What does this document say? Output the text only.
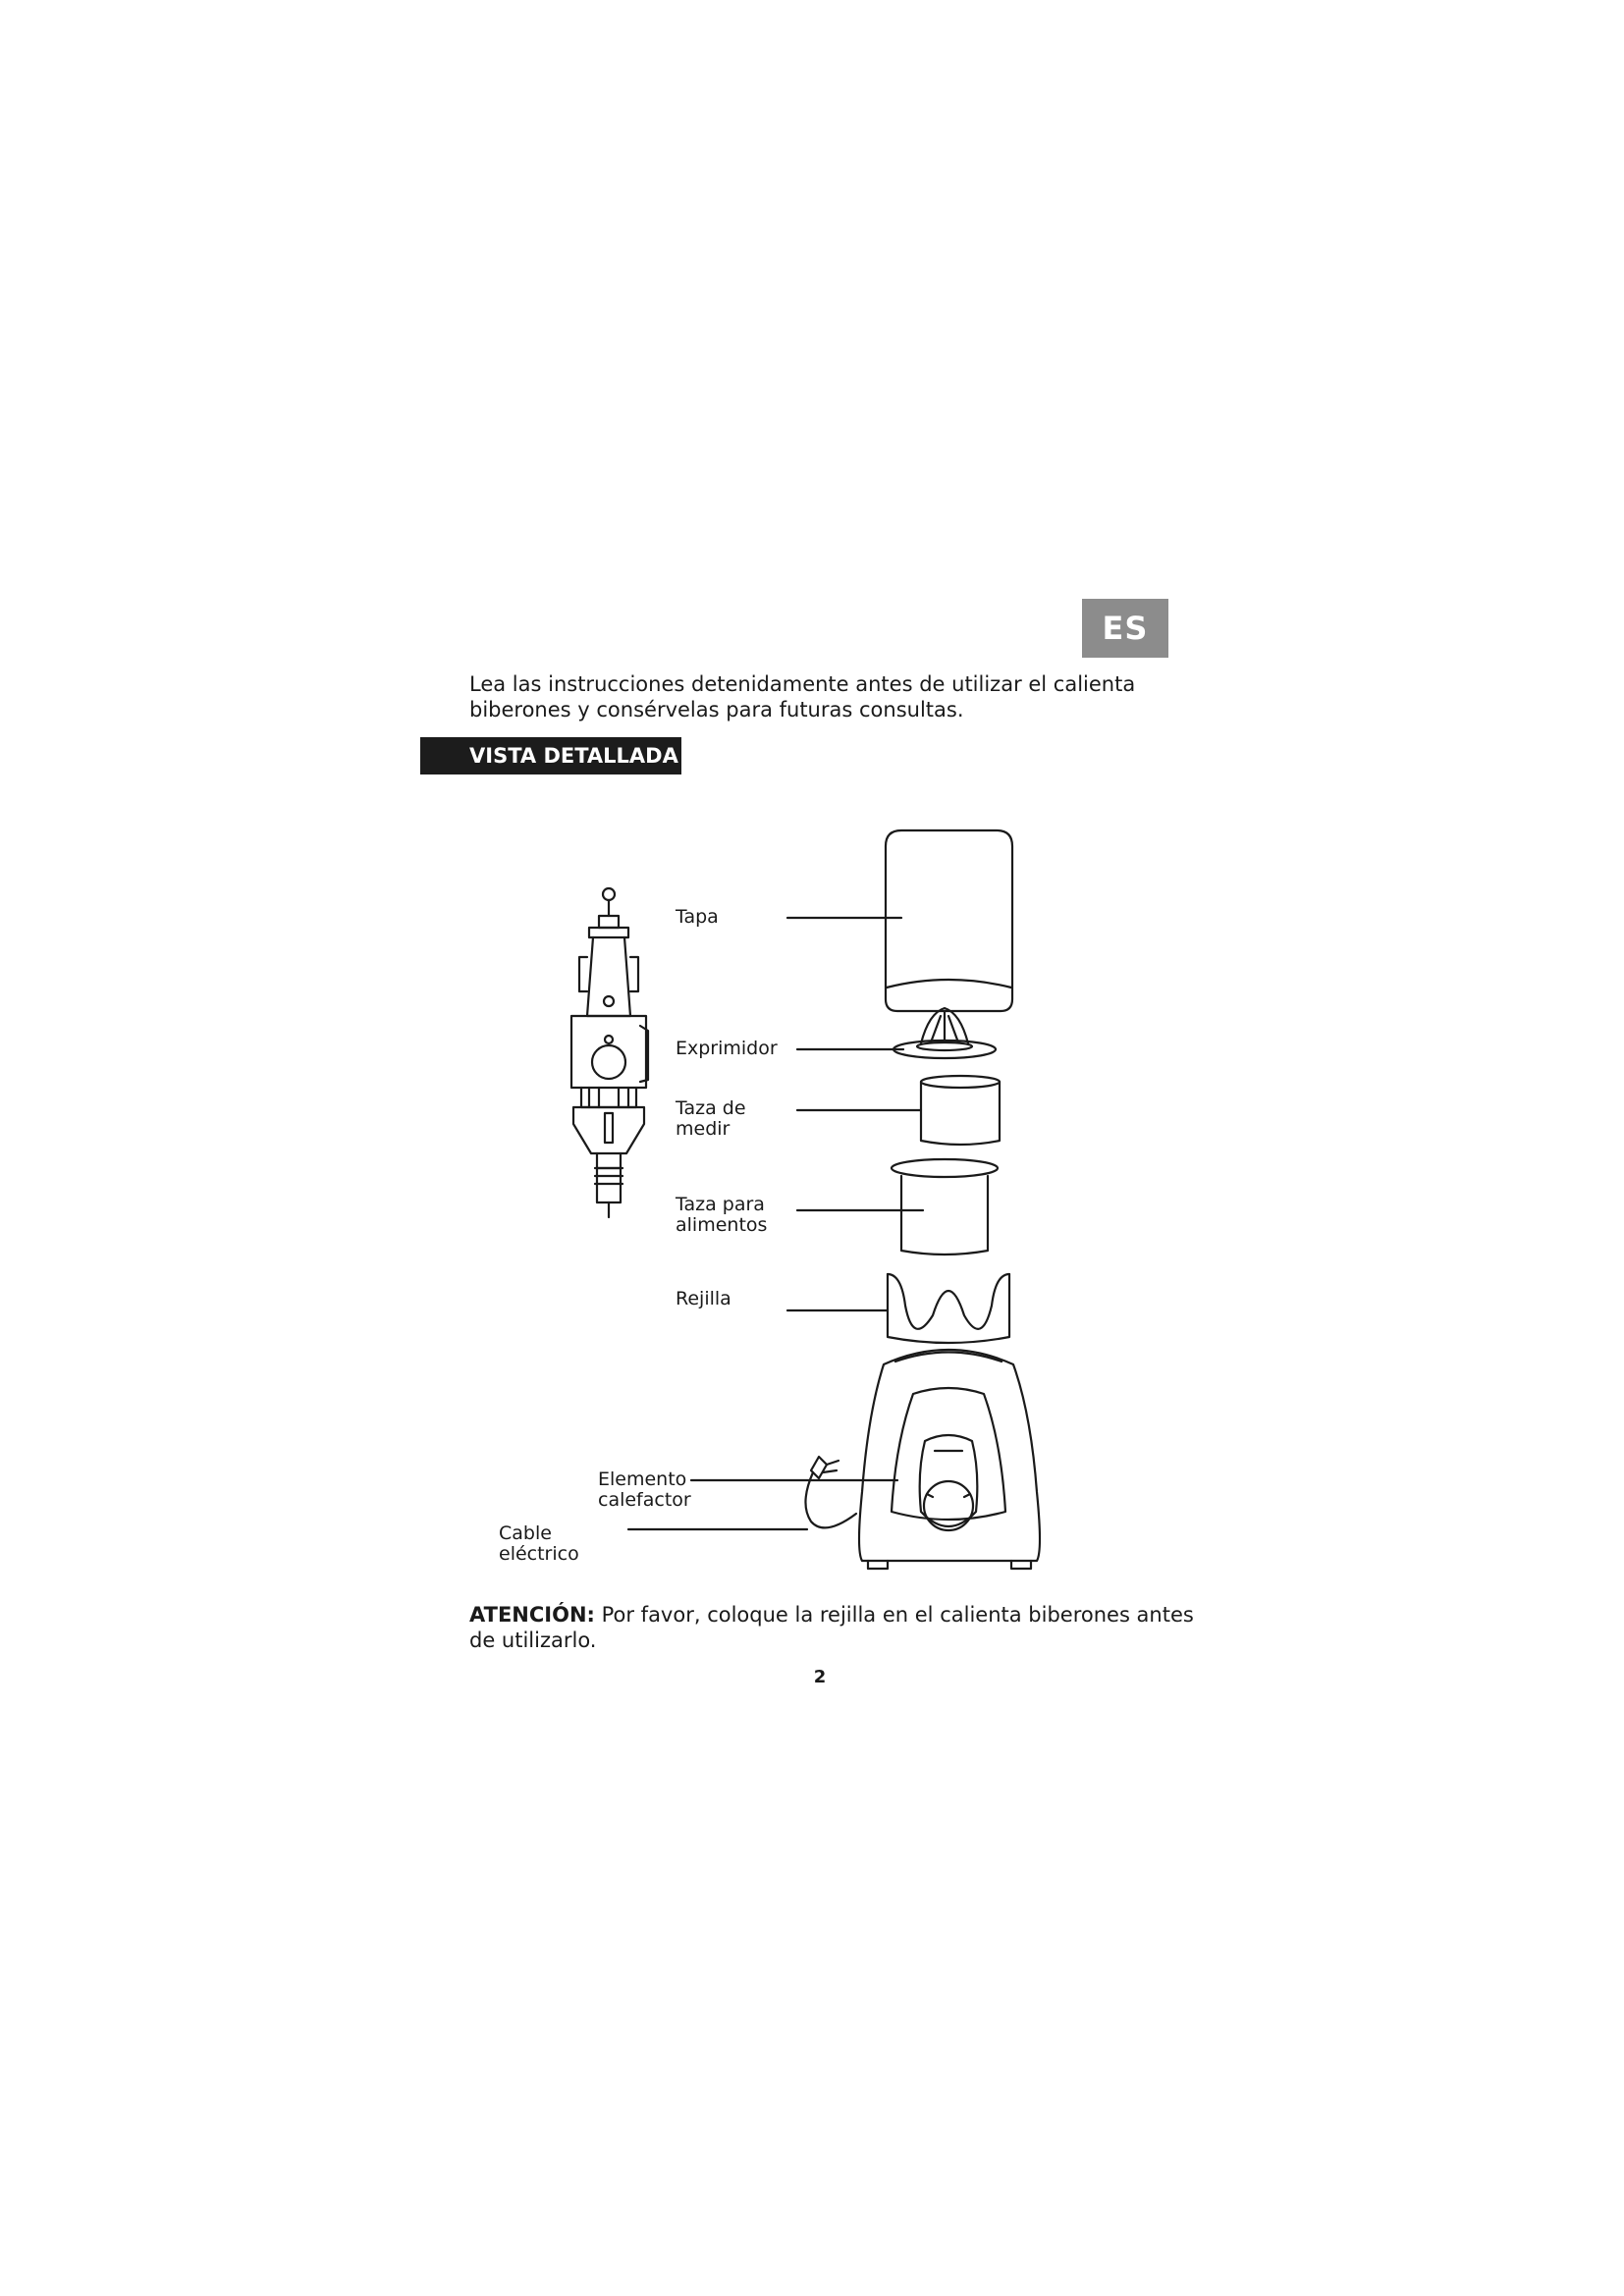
ES

Lea las instrucciones detenidamente antes de utilizar el calienta biberones y consérvelas para futuras consultas.

VISTA DETALLADA
Tapa
Exprimidor
Taza de
medir
Taza para
alimentos
Rejilla
Elemento
calefactor
Cable
eléctrico

ATENCIÓN: Por favor, coloque la rejilla en el calienta biberones antes de utilizarlo.

2
